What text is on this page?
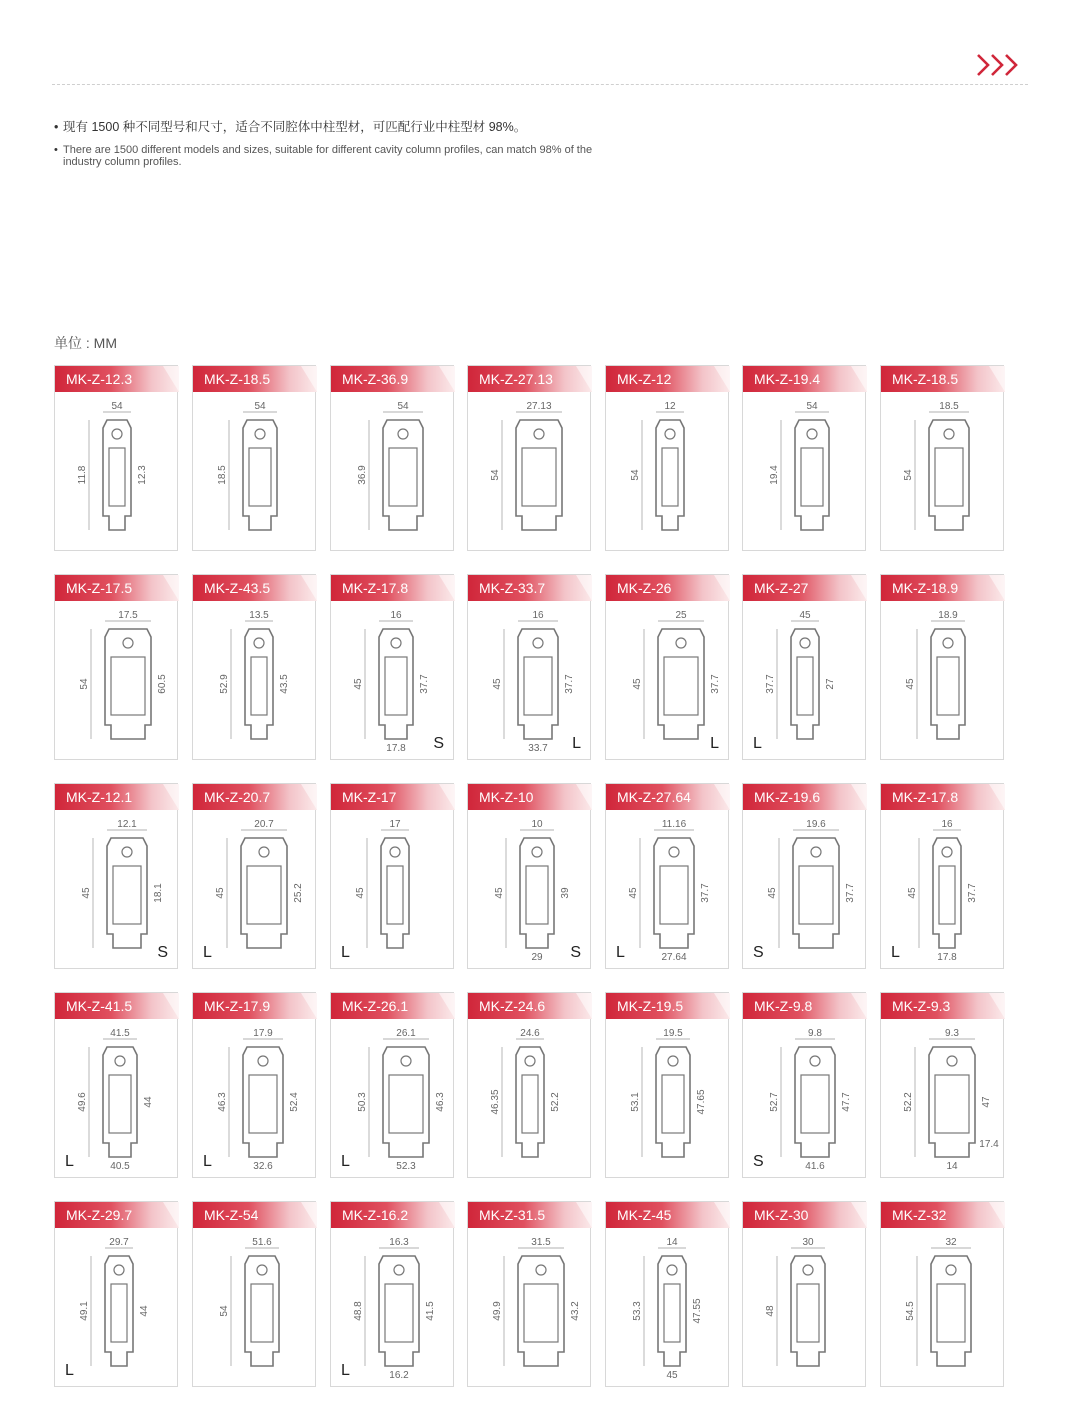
• 现有 1500 种不同型号和尺寸，适合不同腔体中柱型材，可匹配行业中柱型材 98%。

• There are 1500 different models and sizes, suitable for different cavity column profiles, can match 98% of the industry column profiles.

单位 : MM
MK-Z-12.3
54
11.8	12.3
MK-Z-18.5
54
18.5
MK-Z-36.9
54
36.9
MK-Z-27.13
27.13
54
MK-Z-12
12
54
MK-Z-19.4
54
19.4
MK-Z-18.5
18.5
54
MK-Z-17.5
17.5
54	60.5
MK-Z-43.5
13.5
52.9	43.5
MK-Z-17.8
16
45	37.7
17.8 S
MK-Z-33.7
16
45	37.7
33.7 L
MK-Z-26
25
45	37.7
L
MK-Z-27
45
37.7	27
L
MK-Z-18.9
18.9
45
MK-Z-12.1
12.1
45	18.1
S
MK-Z-20.7
20.7
45	25.2
L
MK-Z-17
17
45
L
MK-Z-10
10
45	39
29 S
MK-Z-27.64
11.16
45	37.7
27.64
L
MK-Z-19.6
19.6
45	37.7
S
MK-Z-17.8
16
45	37.7
17.8
L
MK-Z-41.5
41.5
49.6	44
40.5
L
MK-Z-17.9
17.9
46.3	52.4
32.6
L
MK-Z-26.1
26.1
50.3	46.3
52.3
L
MK-Z-24.6
24.6
46.35	52.2
MK-Z-19.5
19.5
53.1	47.65
MK-Z-9.8
9.8
52.7	47.7
41.6
S
MK-Z-9.3
9.3
52.2	47
14
17.4
MK-Z-29.7
29.7
49.1	44
L
MK-Z-54
51.6
54
MK-Z-16.2
16.3
48.8	41.5
16.2
L
MK-Z-31.5
31.5
49.9	43.2
MK-Z-45
14
53.3	47.55
45
MK-Z-30
30
48
MK-Z-32
32
54.5
